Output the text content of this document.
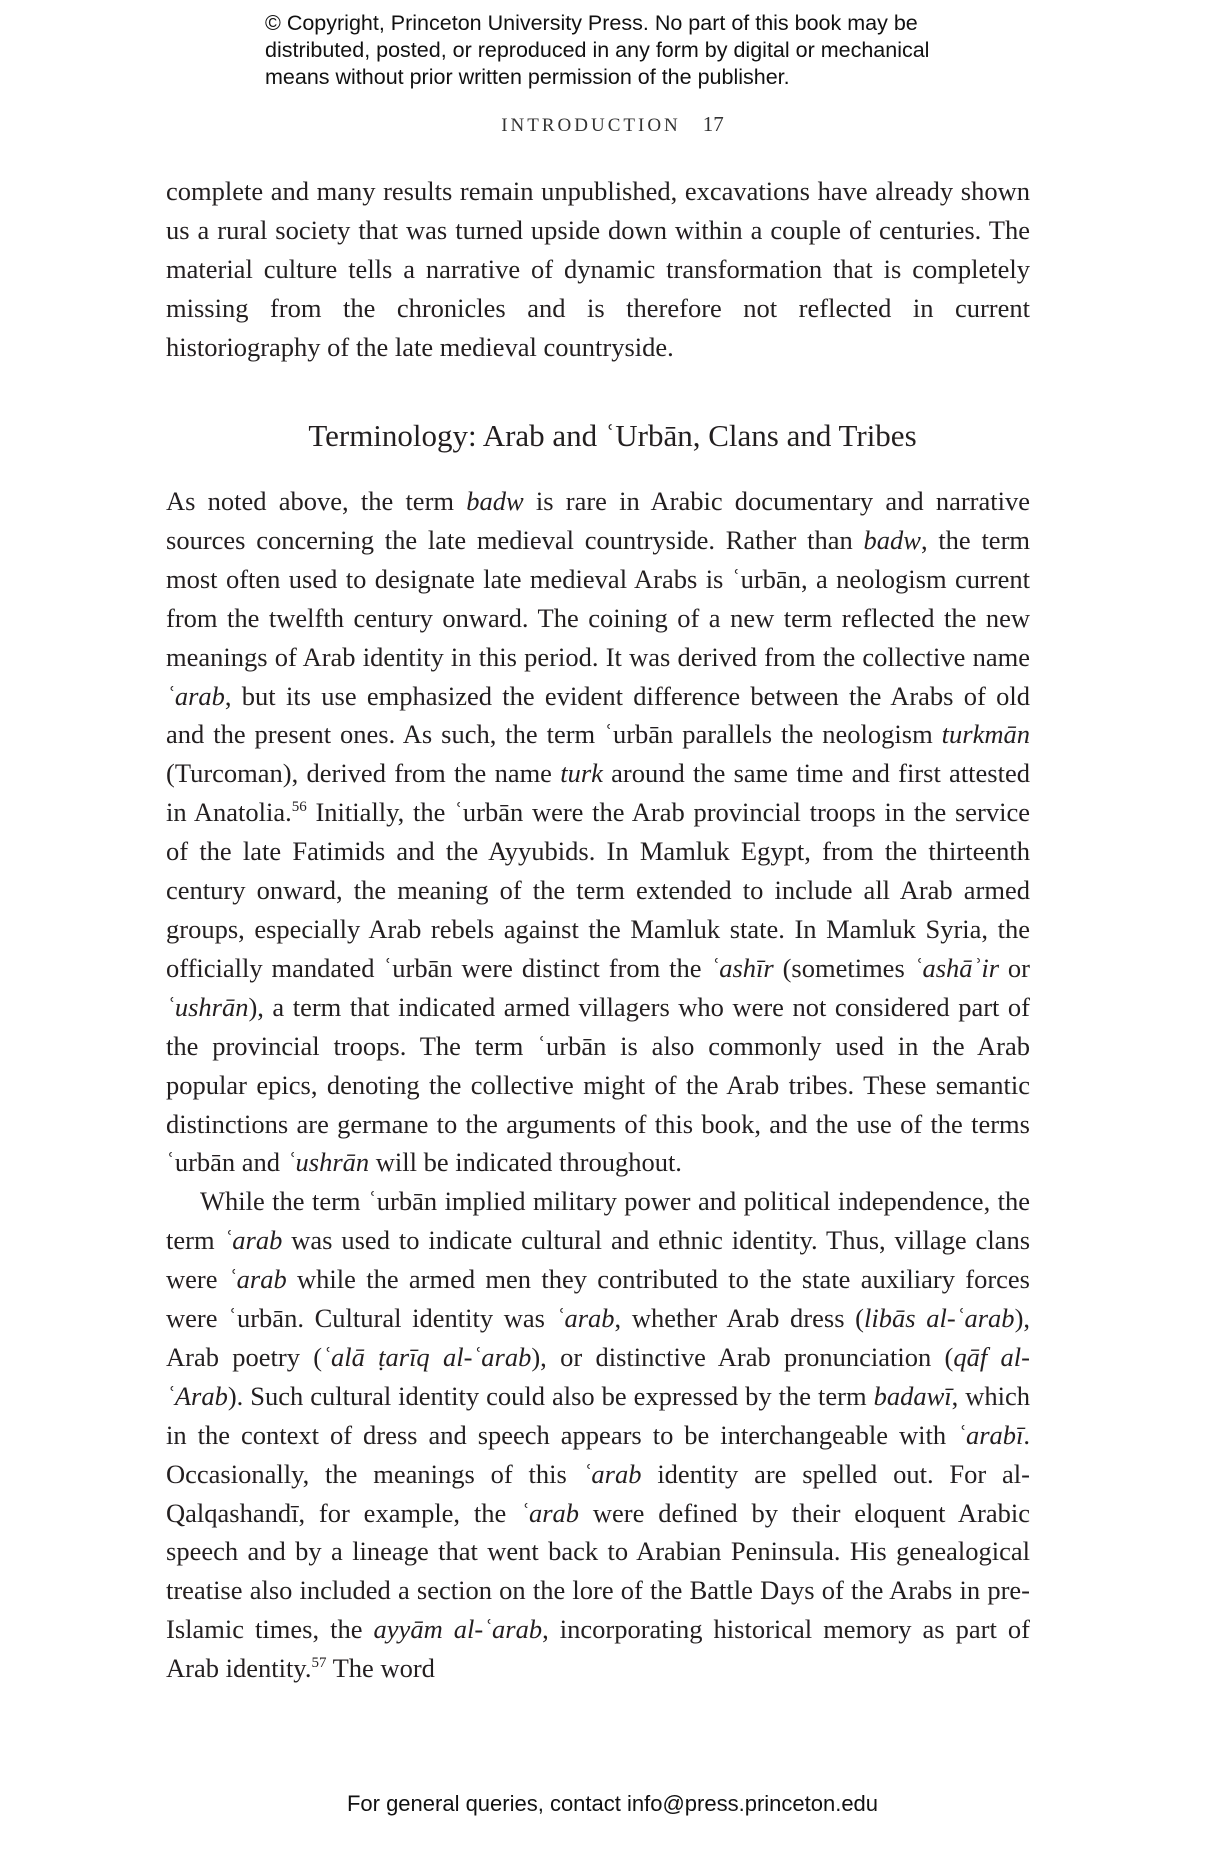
© Copyright, Princeton University Press. No part of this book may be
distributed, posted, or reproduced in any form by digital or mechanical
means without prior written permission of the publisher.
INTRODUCTION 17

complete and many results remain unpublished, excavations have already shown us a rural society that was turned upside down within a couple of centuries. The material culture tells a narrative of dynamic transformation that is completely missing from the chronicles and is therefore not reflected in current historiography of the late medieval countryside.

Terminology: Arab and ʿUrbān, Clans and Tribes

As noted above, the term badw is rare in Arabic documentary and narrative sources concerning the late medieval countryside. Rather than badw, the term most often used to designate late medieval Arabs is ʿurbān, a neologism current from the twelfth century onward. The coining of a new term reflected the new meanings of Arab identity in this period. It was derived from the collective name ʿarab, but its use emphasized the evident difference between the Arabs of old and the present ones. As such, the term ʿurbān parallels the neologism turkmān (Turcoman), derived from the name turk around the same time and first attested in Anatolia.$^{56}$ Initially, the ʿurbān were the Arab provincial troops in the service of the late Fatimids and the Ayyubids. In Mamluk Egypt, from the thirteenth century onward, the meaning of the term extended to include all Arab armed groups, especially Arab rebels against the Mamluk state. In Mamluk Syria, the officially mandated ʿurbān were distinct from the ʿashīr (sometimes ʿashāʾir or ʿushrān), a term that indicated armed villagers who were not considered part of the provincial troops. The term ʿurbān is also commonly used in the Arab popular epics, denoting the collective might of the Arab tribes. These semantic distinctions are germane to the arguments of this book, and the use of the terms ʿurbān and ʿushrān will be indicated throughout.

While the term ʿurbān implied military power and political independence, the term ʿarab was used to indicate cultural and ethnic identity. Thus, village clans were ʿarab while the armed men they contributed to the state auxiliary forces were ʿurbān. Cultural identity was ʿarab, whether Arab dress (libās al-ʿarab), Arab poetry (ʿalā ṭarīq al-ʿarab), or distinctive Arab pronunciation (qāf al-ʿArab). Such cultural identity could also be expressed by the term badawī, which in the context of dress and speech appears to be interchangeable with ʿarabī. Occasionally, the meanings of this ʿarab identity are spelled out. For al-Qalqashandī, for example, the ʿarab were defined by their eloquent Arabic speech and by a lineage that went back to Arabian Peninsula. His genealogical treatise also included a section on the lore of the Battle Days of the Arabs in pre-Islamic times, the ayyām al-ʿarab, incorporating historical memory as part of Arab identity.$^{57}$ The word

For general queries, contact info@press.princeton.edu
